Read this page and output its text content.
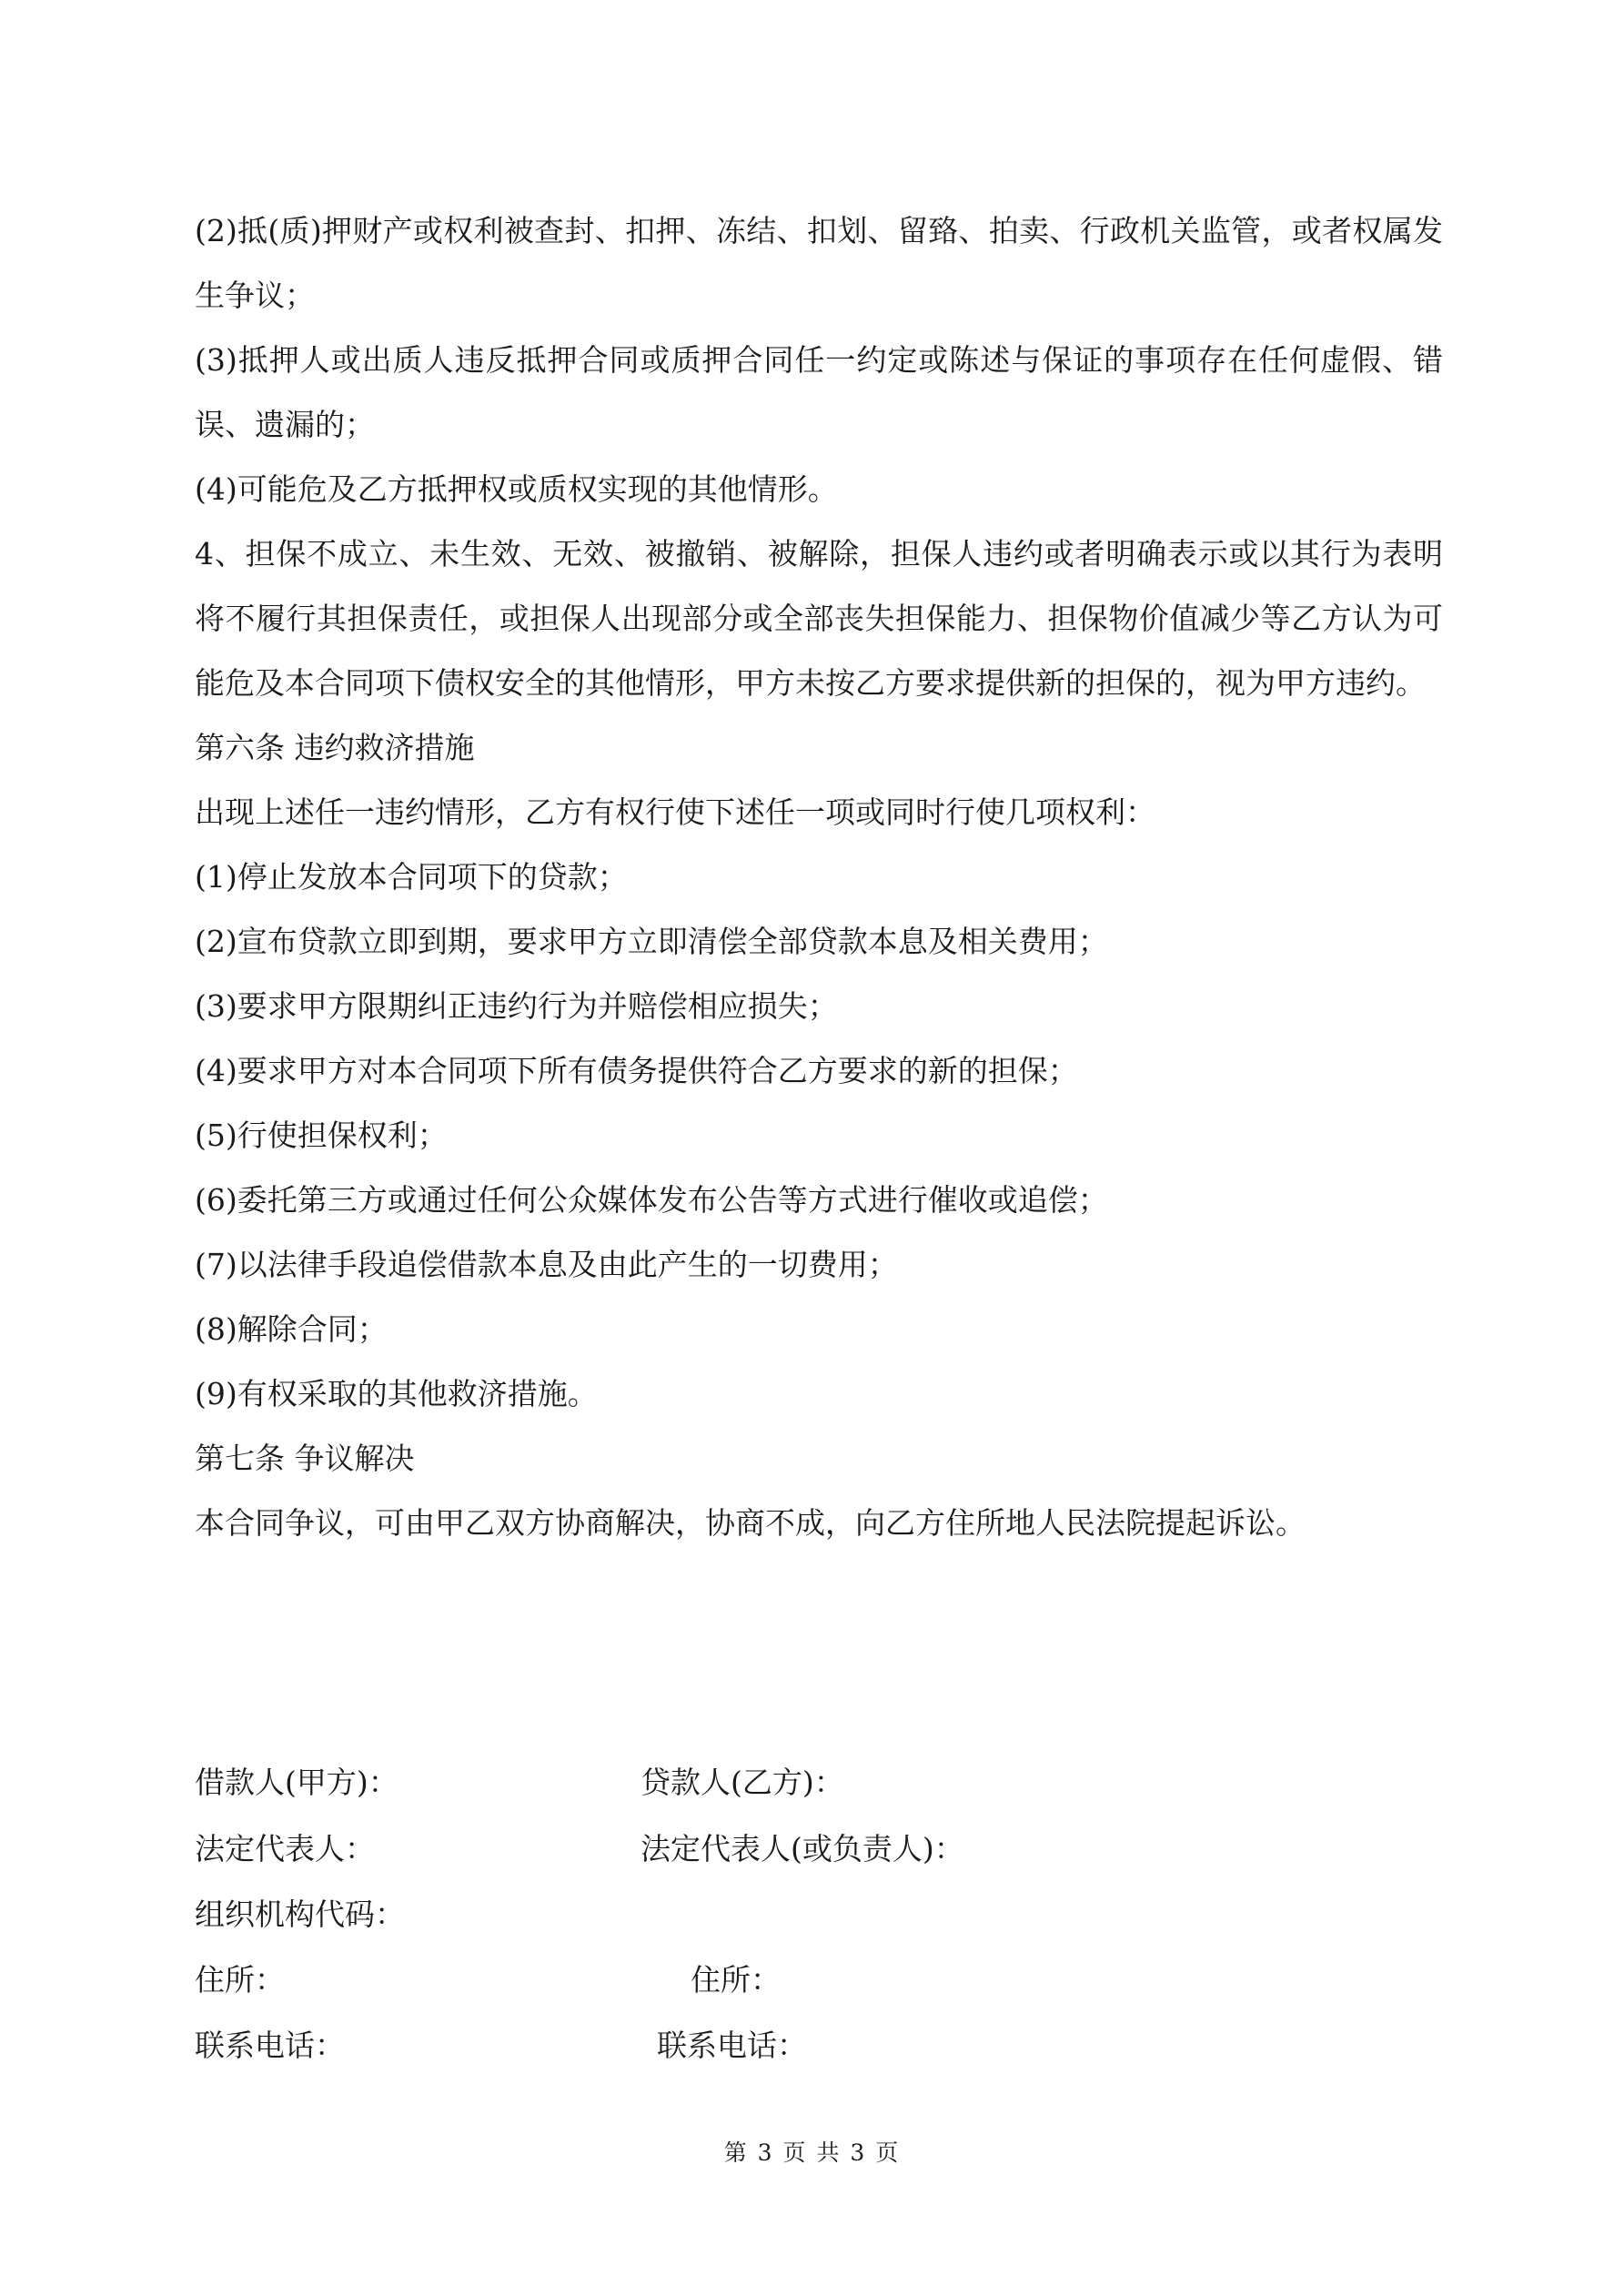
(2)抵(质)押财产或权利被查封、扣押、冻结、扣划、留臵、拍卖、行政机关监管，或者权属发生争议；

(3)抵押人或出质人违反抵押合同或质押合同任一约定或陈述与保证的事项存在任何虚假、错误、遗漏的；

(4)可能危及乙方抵押权或质权实现的其他情形。

4、担保不成立、未生效、无效、被撤销、被解除，担保人违约或者明确表示或以其行为表明将不履行其担保责任，或担保人出现部分或全部丧失担保能力、担保物价值减少等乙方认为可能危及本合同项下债权安全的其他情形，甲方未按乙方要求提供新的担保的，视为甲方违约。

第六条 违约救济措施

出现上述任一违约情形，乙方有权行使下述任一项或同时行使几项权利：

(1)停止发放本合同项下的贷款；

(2)宣布贷款立即到期，要求甲方立即清偿全部贷款本息及相关费用；

(3)要求甲方限期纠正违约行为并赔偿相应损失；

(4)要求甲方对本合同项下所有债务提供符合乙方要求的新的担保；

(5)行使担保权利；

(6)委托第三方或通过任何公众媒体发布公告等方式进行催收或追偿；

(7)以法律手段追偿借款本息及由此产生的一切费用；

(8)解除合同；

(9)有权采取的其他救济措施。

第七条 争议解决

本合同争议，可由甲乙双方协商解决，协商不成，向乙方住所地人民法院提起诉讼。

借款人(甲方)：	贷款人(乙方)：
法定代表人：	法定代表人(或负责人)：
组织机构代码：
住所：	住所：
联系电话：	联系电话：
第 3 页 共 3 页
